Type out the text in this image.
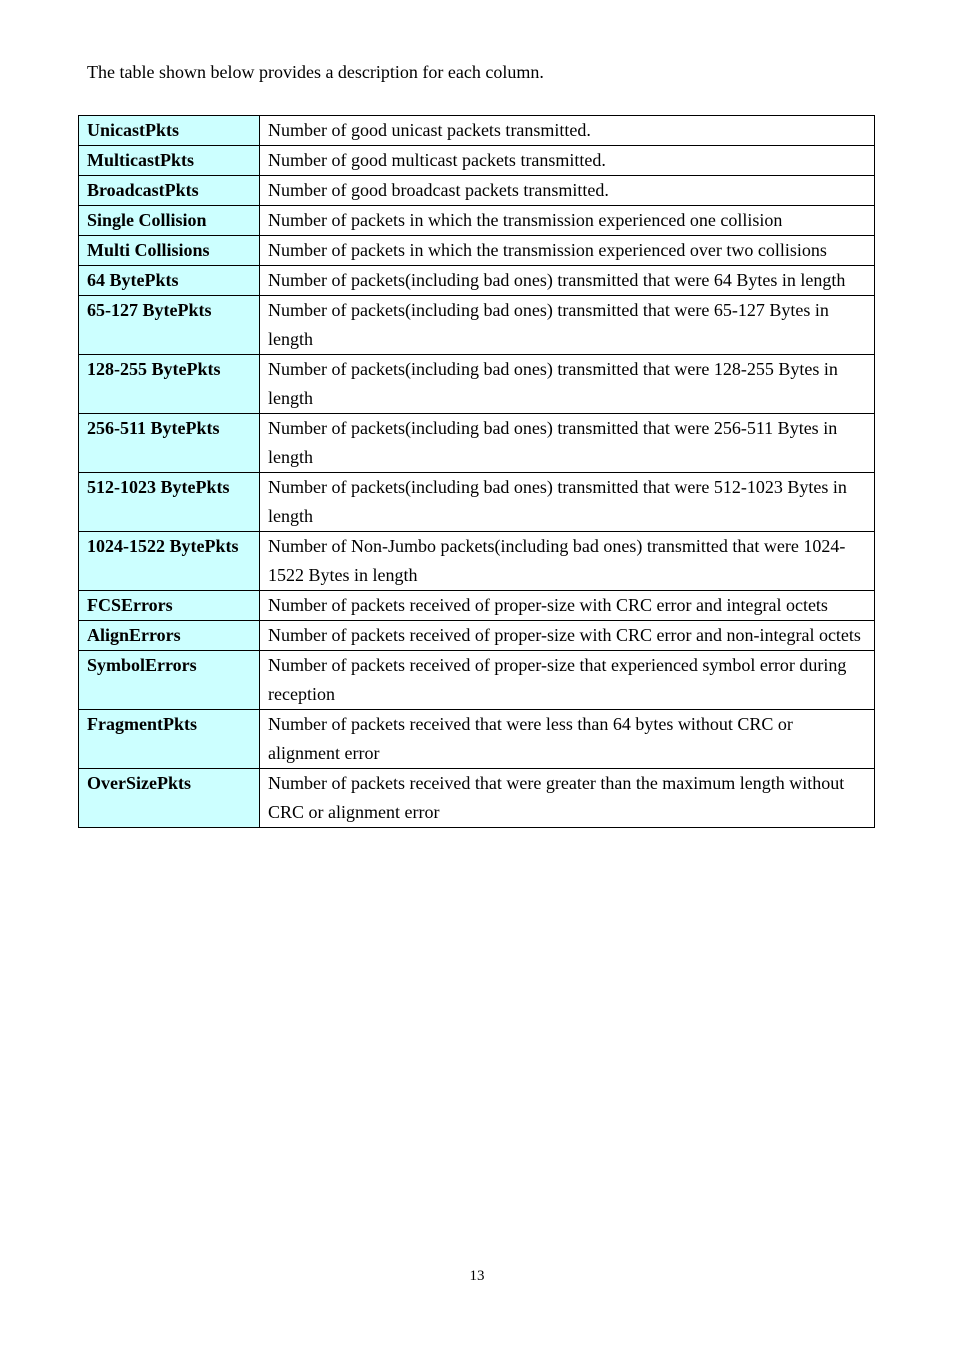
The table shown below provides a description for each column.

UnicastPkts	Number of good unicast packets transmitted.
MulticastPkts	Number of good multicast packets transmitted.
BroadcastPkts	Number of good broadcast packets transmitted.
Single Collision	Number of packets in which the transmission experienced one collision
Multi Collisions	Number of packets in which the transmission experienced over two collisions
64 BytePkts	Number of packets(including bad ones) transmitted that were 64 Bytes in length
65-127 BytePkts	Number of packets(including bad ones) transmitted that were 65-127 Bytes in length
128-255 BytePkts	Number of packets(including bad ones) transmitted that were 128-255 Bytes in length
256-511 BytePkts	Number of packets(including bad ones) transmitted that were 256-511 Bytes in length
512-1023 BytePkts	Number of packets(including bad ones) transmitted that were 512-1023 Bytes in length
1024-1522 BytePkts	Number of Non-Jumbo packets(including bad ones) transmitted that were 1024-1522 Bytes in length
FCSErrors	Number of packets received of proper-size with CRC error and integral octets
AlignErrors	Number of packets received of proper-size with CRC error and non-integral octets
SymbolErrors	Number of packets received of proper-size that experienced symbol error during reception
FragmentPkts	Number of packets received that were less than 64 bytes without CRC or alignment error
OverSizePkts	Number of packets received that were greater than the maximum length without CRC or alignment error
13
